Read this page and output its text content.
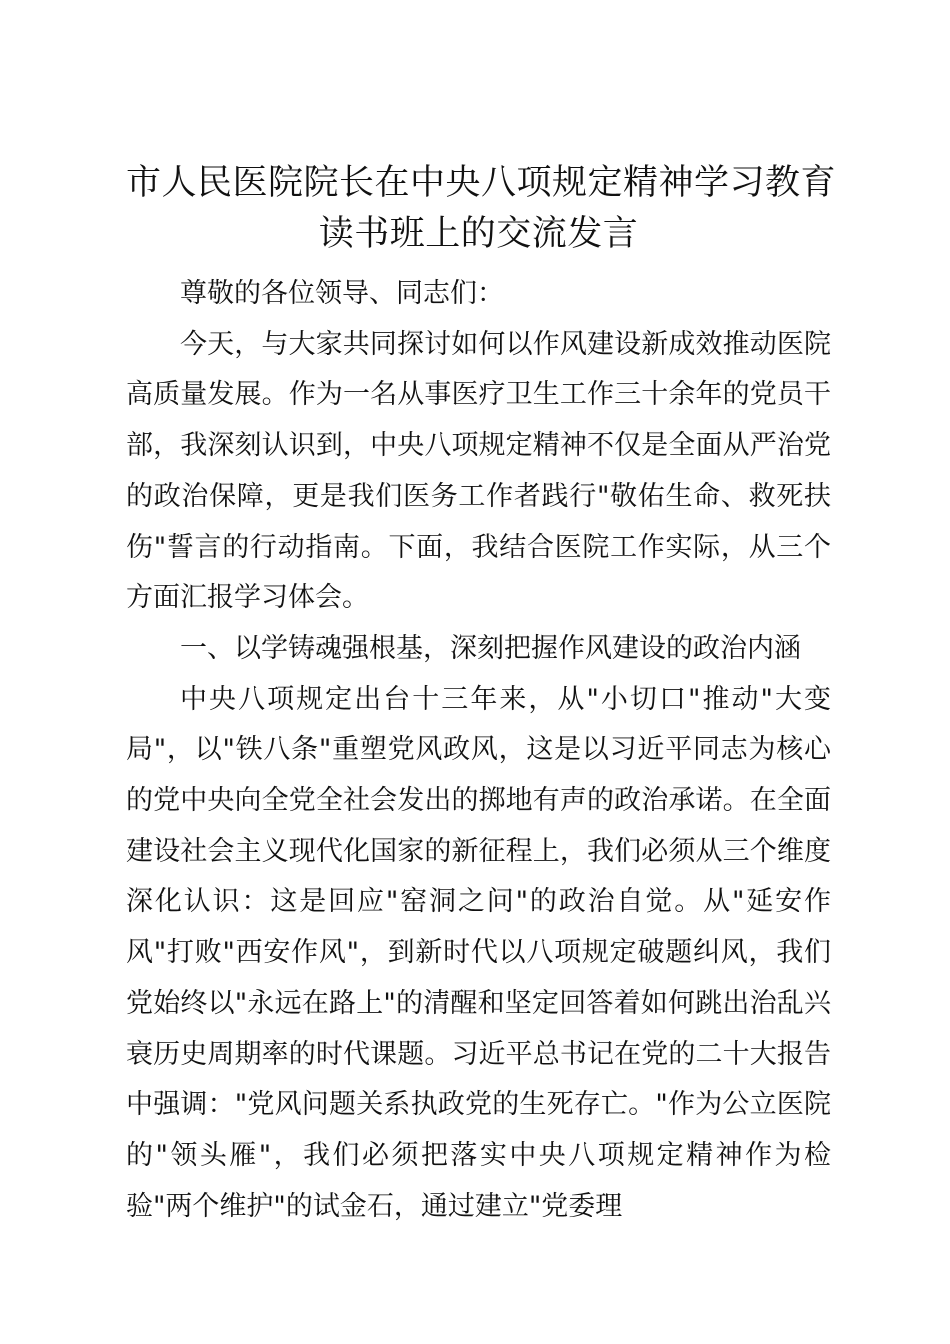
市人民医院院长在中央八项规定精神学习教育
读书班上的交流发言

尊敬的各位领导、同志们：

今天，与大家共同探讨如何以作风建设新成效推动医院高质量发展。作为一名从事医疗卫生工作三十余年的党员干部，我深刻认识到，中央八项规定精神不仅是全面从严治党的政治保障，更是我们医务工作者践行"敬佑生命、救死扶伤"誓言的行动指南。下面，我结合医院工作实际，从三个方面汇报学习体会。

一、以学铸魂强根基，深刻把握作风建设的政治内涵

中央八项规定出台十三年来，从"小切口"推动"大变局"，以"铁八条"重塑党风政风，这是以习近平同志为核心的党中央向全党全社会发出的掷地有声的政治承诺。在全面建设社会主义现代化国家的新征程上，我们必须从三个维度深化认识：这是回应"窑洞之问"的政治自觉。从"延安作风"打败"西安作风"，到新时代以八项规定破题纠风，我们党始终以"永远在路上"的清醒和坚定回答着如何跳出治乱兴衰历史周期率的时代课题。习近平总书记在党的二十大报告中强调："党风问题关系执政党的生死存亡。"作为公立医院的"领头雁"，我们必须把落实中央八项规定精神作为检验"两个维护"的试金石，通过建立"党委理
